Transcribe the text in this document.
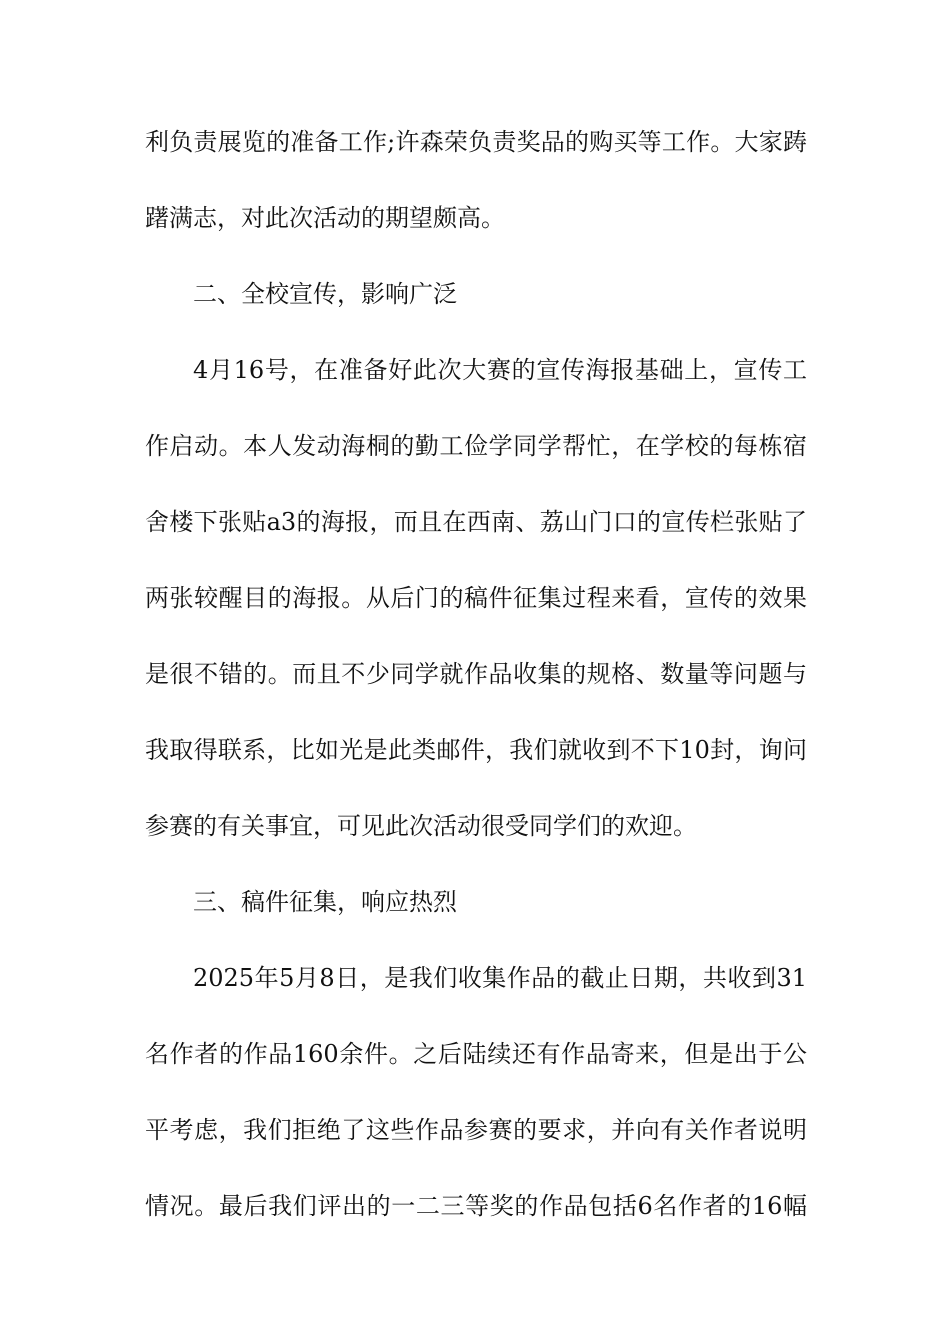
利负责展览的准备工作;许森荣负责奖品的购买等工作。大家踌
躇满志，对此次活动的期望颇高。
二、全校宣传，影响广泛
4月16号，在准备好此次大赛的宣传海报基础上，宣传工
作启动。本人发动海桐的勤工俭学同学帮忙，在学校的每栋宿
舍楼下张贴a3的海报，而且在西南、荔山门口的宣传栏张贴了
两张较醒目的海报。从后门的稿件征集过程来看，宣传的效果
是很不错的。而且不少同学就作品收集的规格、数量等问题与
我取得联系，比如光是此类邮件，我们就收到不下10封，询问
参赛的有关事宜，可见此次活动很受同学们的欢迎。
三、稿件征集，响应热烈
2025年5月8日，是我们收集作品的截止日期，共收到31
名作者的作品160余件。之后陆续还有作品寄来，但是出于公
平考虑，我们拒绝了这些作品参赛的要求，并向有关作者说明
情况。最后我们评出的一二三等奖的作品包括6名作者的16幅
